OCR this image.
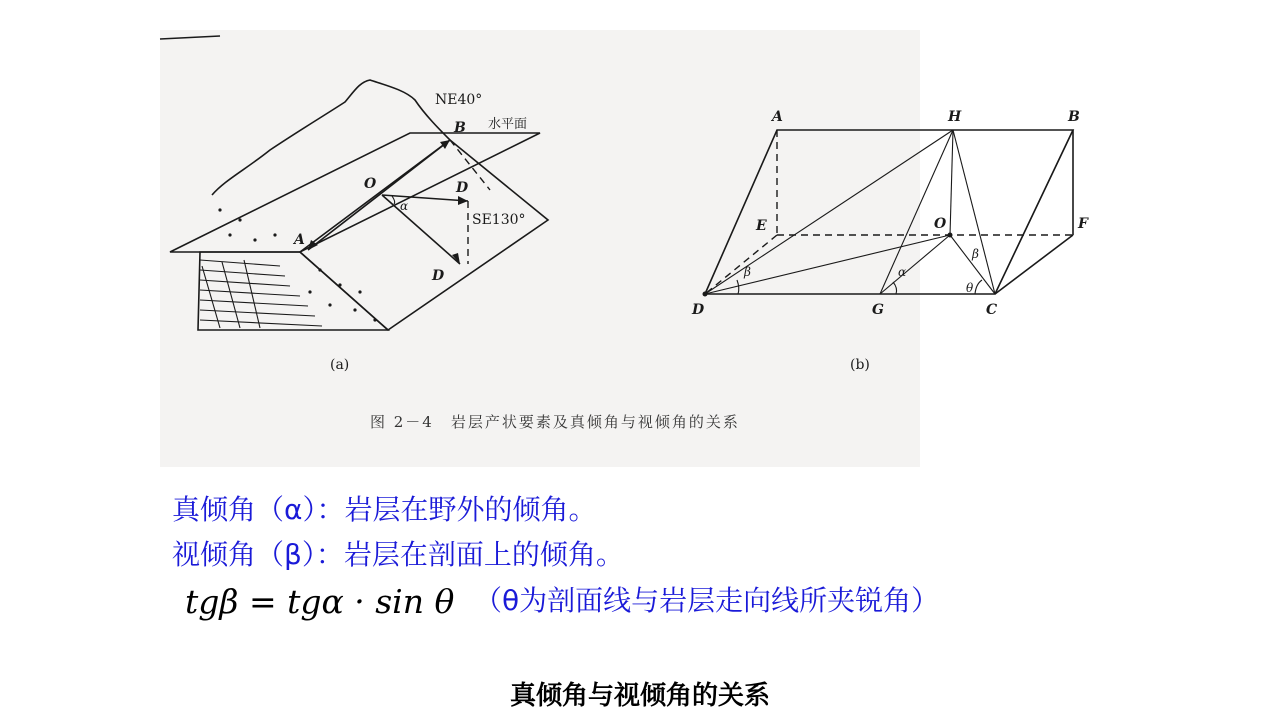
NE40°
水平面
SE130°
A
B
O	D
D
α
(a)
A	H	B
E	O	F
D	G	C
β	α
β
θ
(b)
图 2－4　岩层产状要素及真倾角与视倾角的关系
真倾角（α）：岩层在野外的倾角。
视倾角（β）：岩层在剖面上的倾角。
tgβ = tgα · sin θ （θ为剖面线与岩层走向线所夹锐角）
真倾角与视倾角的关系
